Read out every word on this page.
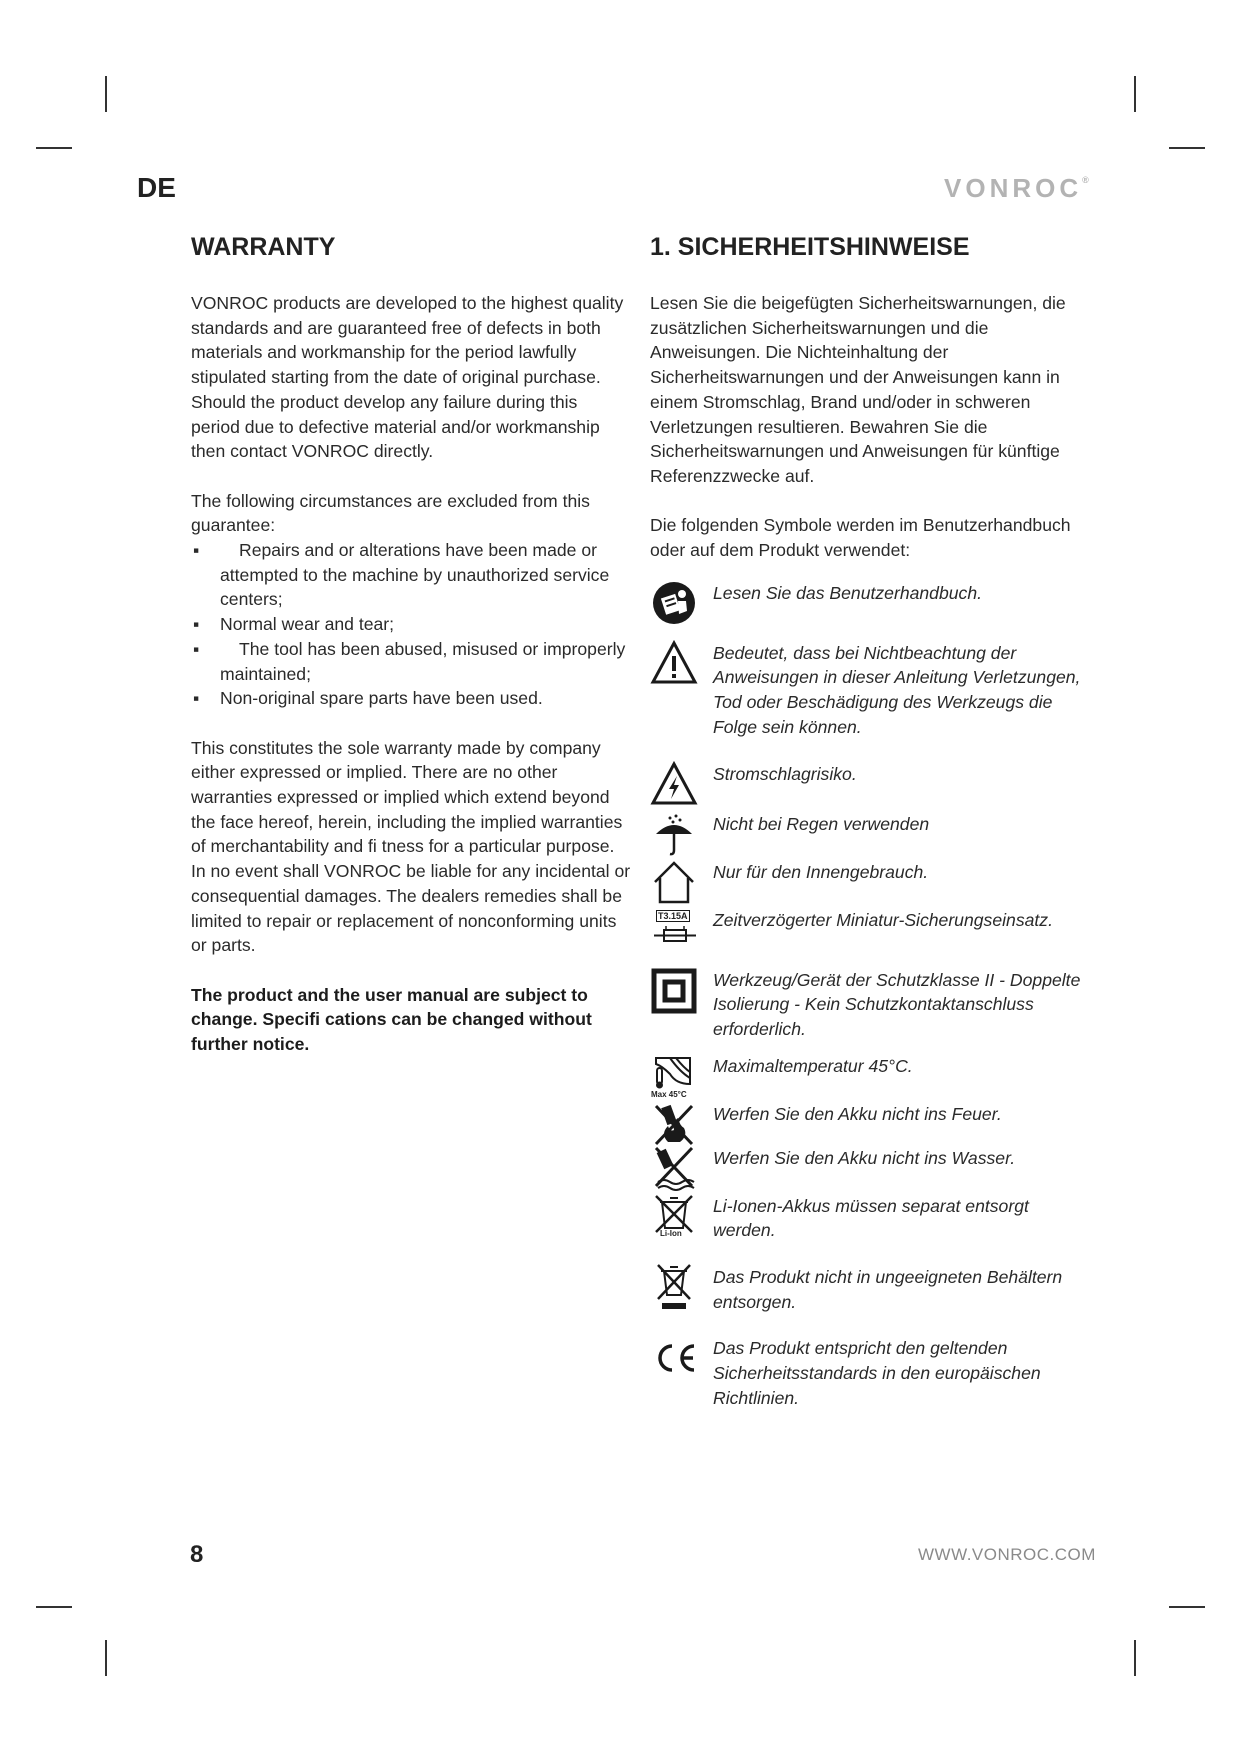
DE	VONROC®
WARRANTY

VONROC products are developed to the highest quality standards and are guaranteed free of defects in both materials and workmanship for the period lawfully stipulated starting from the date of original purchase. Should the product develop any failure during this period due to defective material and/or workmanship then contact VONROC directly.

The following circumstances are excluded from this guarantee:

▪ Repairs and or alterations have been made or attempted to the machine by unauthorized service centers;
▪ Normal wear and tear;
▪ The tool has been abused, misused or improperly maintained;
▪ Non-original spare parts have been used.

This constitutes the sole warranty made by company either expressed or implied. There are no other warranties expressed or implied which extend beyond the face hereof, herein, including the implied warranties of merchantability and fi tness for a particular purpose. In no event shall VONROC be liable for any incidental or consequential damages. The dealers remedies shall be limited to repair or replacement of nonconforming units or parts.

The product and the user manual are subject to change. Specifi cations can be changed without further notice.

1. SICHERHEITSHINWEISE

Lesen Sie die beigefügten Sicherheitswarnungen, die zusätzlichen Sicherheitswarnungen und die Anweisungen. Die Nichteinhaltung der Sicherheitswarnungen und der Anweisungen kann in einem Stromschlag, Brand und/oder in schweren Verletzungen resultieren. Bewahren Sie die Sicherheitswarnungen und Anweisungen für künftige Referenzzwecke auf.

Die folgenden Symbole werden im Benutzerhandbuch oder auf dem Produkt verwendet:

Lesen Sie das Benutzerhandbuch.
Bedeutet, dass bei Nichtbeachtung der Anweisungen in dieser Anleitung Verletzungen, Tod oder Beschädigung des Werkzeugs die Folge sein können.
Stromschlagrisiko.
Nicht bei Regen verwenden
Nur für den Innengebrauch.
T3.15A Zeitverzögerter Miniatur-Sicherungseinsatz.
Werkzeug/Gerät der Schutzklasse II - Doppelte Isolierung - Kein Schutzkontaktanschluss erforderlich.
Max 45°C
Maximaltemperatur 45°C.
Werfen Sie den Akku nicht ins Feuer.
Werfen Sie den Akku nicht ins Wasser.
Li-Ion
Li-Ionen-Akkus müssen separat entsorgt werden.
Das Produkt nicht in ungeeigneten Behältern entsorgen.
Das Produkt entspricht den geltenden Sicherheitsstandards in den europäischen Richtlinien.
8	WWW.VONROC.COM
